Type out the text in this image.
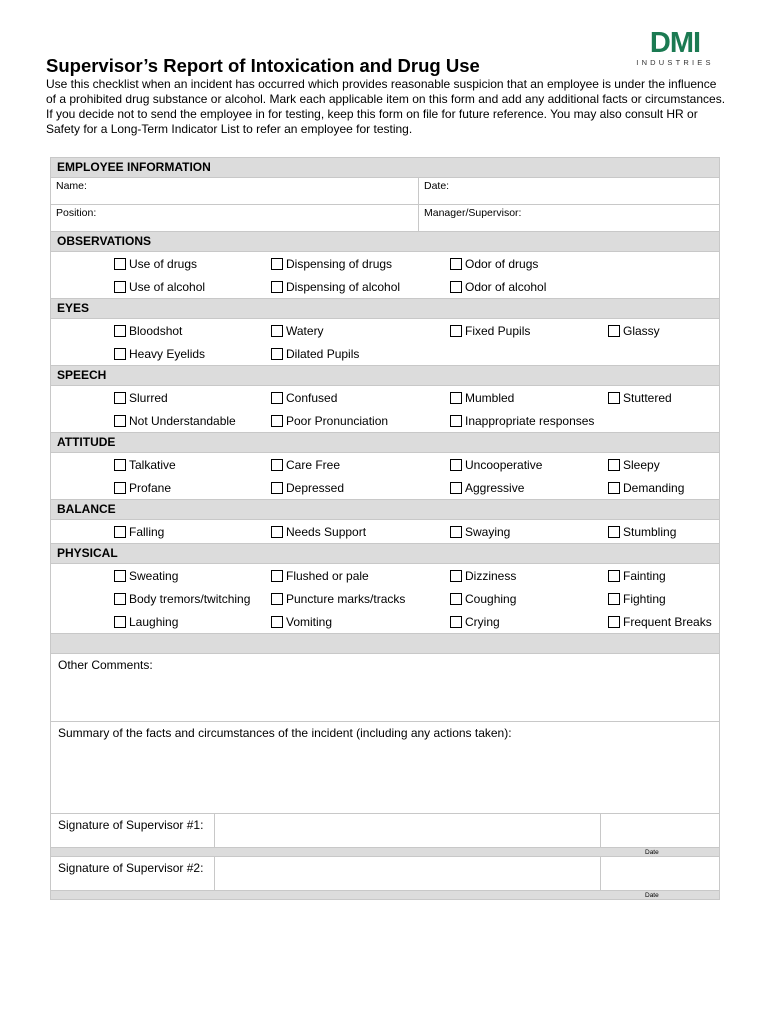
Supervisor’s Report of Intoxication and Drug Use
DMI
INDUSTRIES

Use this checklist when an incident has occurred which provides reasonable suspicion that an employee is under the influence of a prohibited drug substance or alcohol. Mark each applicable item on this form and add any additional facts or circumstances. If you decide not to send the employee in for testing, keep this form on file for future reference. You may also consult HR or Safety for a Long-Term Indicator List to refer an employee for testing.

EMPLOYEE INFORMATION
Name:	Date:
Position:	Manager/Supervisor:
OBSERVATIONS
Use of drugs	Dispensing of drugs	Odor of drugs
Use of alcohol	Dispensing of alcohol	Odor of alcohol
EYES
Bloodshot	Watery	Fixed Pupils	Glassy
Heavy Eyelids	Dilated Pupils
SPEECH
Slurred	Confused	Mumbled	Stuttered
Not Understandable	Poor Pronunciation	Inappropriate responses
ATTITUDE
Talkative	Care Free	Uncooperative	Sleepy
Profane	Depressed	Aggressive	Demanding
BALANCE
Falling	Needs Support	Swaying	Stumbling
PHYSICAL
Sweating	Flushed or pale	Dizziness	Fainting
Body tremors/twitching	Puncture marks/tracks	Coughing	Fighting
Laughing	Vomiting	Crying	Frequent Breaks
Other Comments:
Summary of the facts and circumstances of the incident (including any actions taken):
Signature of Supervisor #1:
Date
Signature of Supervisor #2:
Date
